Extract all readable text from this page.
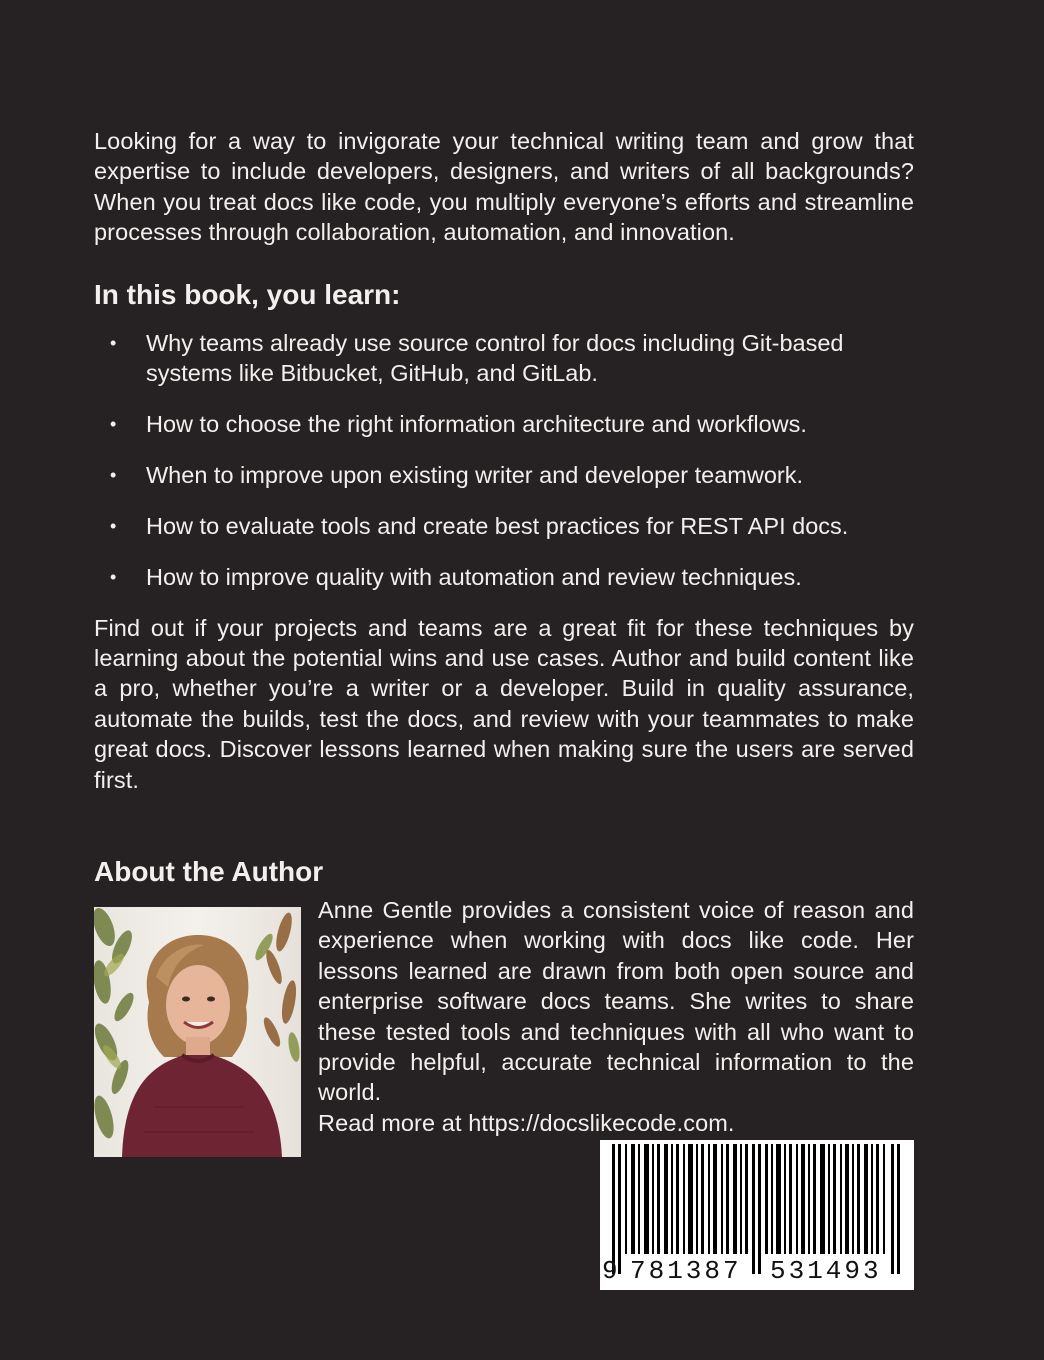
Looking for a way to invigorate your technical writing team and grow that expertise to include developers, designers, and writers of all backgrounds? When you treat docs like code, you multiply everyone’s efforts and streamline processes through collaboration, automation, and innovation.

In this book, you learn:
• Why teams already use source control for docs including Git-based systems like Bitbucket, GitHub, and GitLab.
• How to choose the right information architecture and workflows.
• When to improve upon existing writer and developer teamwork.
• How to evaluate tools and create best practices for REST API docs.
• How to improve quality with automation and review techniques.

Find out if your projects and teams are a great fit for these techniques by learning about the potential wins and use cases. Author and build content like a pro, whether you’re a writer or a developer. Build in quality assurance, automate the builds, test the docs, and review with your teammates to make great docs. Discover lessons learned when making sure the users are served first.

About the Author

Anne Gentle provides a consistent voice of reason and experience when working with docs like code. Her lessons learned are drawn from both open source and enterprise software docs teams. She writes to share these tested tools and techniques with all who want to provide helpful, accurate technical information to the world.

Read more at https://docslikecode.com.

9 781387 531493
